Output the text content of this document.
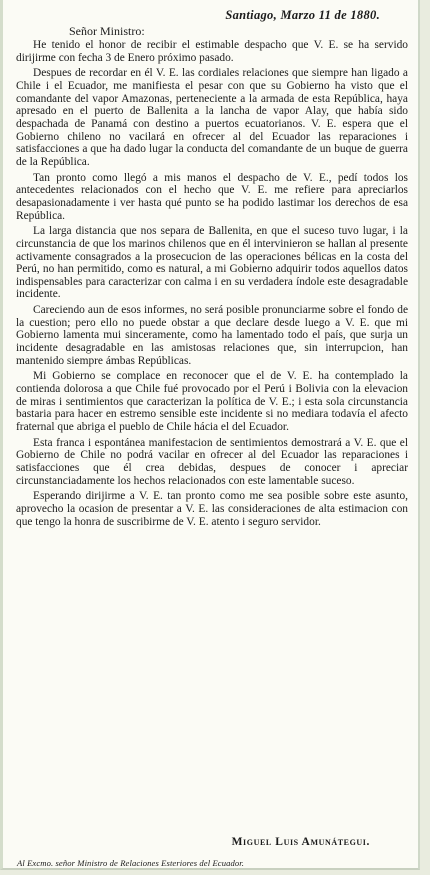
Santiago, Marzo 11 de 1880.
Señor Ministro:

He tenido el honor de recibir el estimable despacho que V. E. se ha servido dirijirme con fecha 3 de Enero próximo pasado.

Despues de recordar en él V. E. las cordiales relaciones que siempre han ligado a Chile i el Ecuador, me manifiesta el pesar con que su Gobierno ha visto que el comandante del vapor Amazonas, perteneciente a la armada de esta República, haya apresado en el puerto de Ballenita a la lancha de vapor Alay, que había sido despachada de Panamá con destino a puertos ecuatorianos. V. E. espera que el Gobierno chileno no vacilará en ofrecer al del Ecuador las reparaciones i satisfacciones a que ha dado lugar la conducta del comandante de un buque de guerra de la República.

Tan pronto como llegó a mis manos el despacho de V. E., pedí todos los antecedentes relacionados con el hecho que V. E. me refiere para apreciarlos desapasionadamente i ver hasta qué punto se ha podido lastimar los derechos de esa República.

La larga distancia que nos separa de Ballenita, en que el suceso tuvo lugar, i la circunstancia de que los marinos chilenos que en él intervinieron se hallan al presente activamente consagrados a la prosecucion de las operaciones bélicas en la costa del Perú, no han permitido, como es natural, a mi Gobierno adquirir todos aquellos datos indispensables para caracterizar con calma i en su verdadera índole este desagradable incidente.

Careciendo aun de esos informes, no será posible pronunciarme sobre el fondo de la cuestion; pero ello no puede obstar a que declare desde luego a V. E. que mi Gobierno lamenta mui sinceramente, como ha lamentado todo el país, que surja un incidente desagradable en las amistosas relaciones que, sin interrupcion, han mantenido siempre ámbas Repúblicas.

Mi Gobierno se complace en reconocer que el de V. E. ha contemplado la contienda dolorosa a que Chile fué provocado por el Perú i Bolivia con la elevacion de miras i sentimientos que caracterizan la política de V. E.; i esta sola circunstancia bastaria para hacer en estremo sensible este incidente si no mediara todavía el afecto fraternal que abriga el pueblo de Chile hácia el del Ecuador.

Esta franca i espontánea manifestacion de sentimientos demostrará a V. E. que el Gobierno de Chile no podrá vacilar en ofrecer al del Ecuador las reparaciones i satisfacciones que él crea debidas, despues de conocer i apreciar circunstanciadamente los hechos relacionados con este lamentable suceso.

Esperando dirijirme a V. E. tan pronto como me sea posible sobre este asunto, aprovecho la ocasion de presentar a V. E. las consideraciones de alta estimacion con que tengo la honra de suscribirme de V. E. atento i seguro servidor.

Miguel Luis Amunátegui.
Al Excmo. señor Ministro de Relaciones Esteriores del Ecuador.
